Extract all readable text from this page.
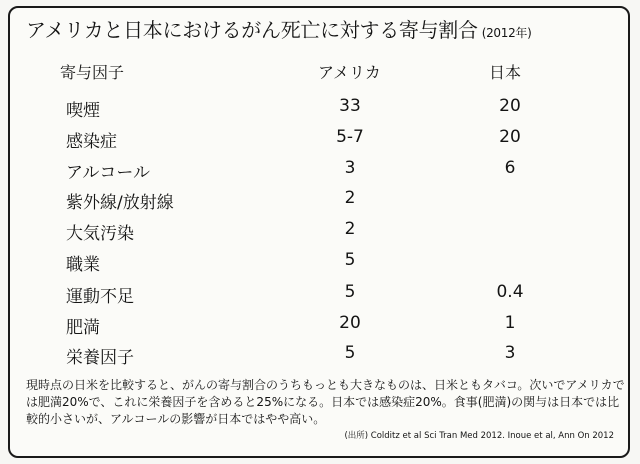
アメリカと日本におけるがん死亡に対する寄与割合 (2012年)
寄与因子	アメリカ	日本
喫煙	33	20
感染症	5-7	20
アルコール	3	6
紫外線/放射線	2
大気汚染	2
職業	5
運動不足	5	0.4
肥満	20	1
栄養因子	5	3

現時点の日米を比較すると、がんの寄与割合のうちもっとも大きなものは、日米ともタバコ。次いでアメリカでは肥満20%で、これに栄養因子を含めると25%になる。日本では感染症20%。食事(肥満)の関与は日本では比較的小さいが、アルコールの影響が日本ではやや高い。

(出所) Colditz et al Sci Tran Med 2012. Inoue et al, Ann On 2012
